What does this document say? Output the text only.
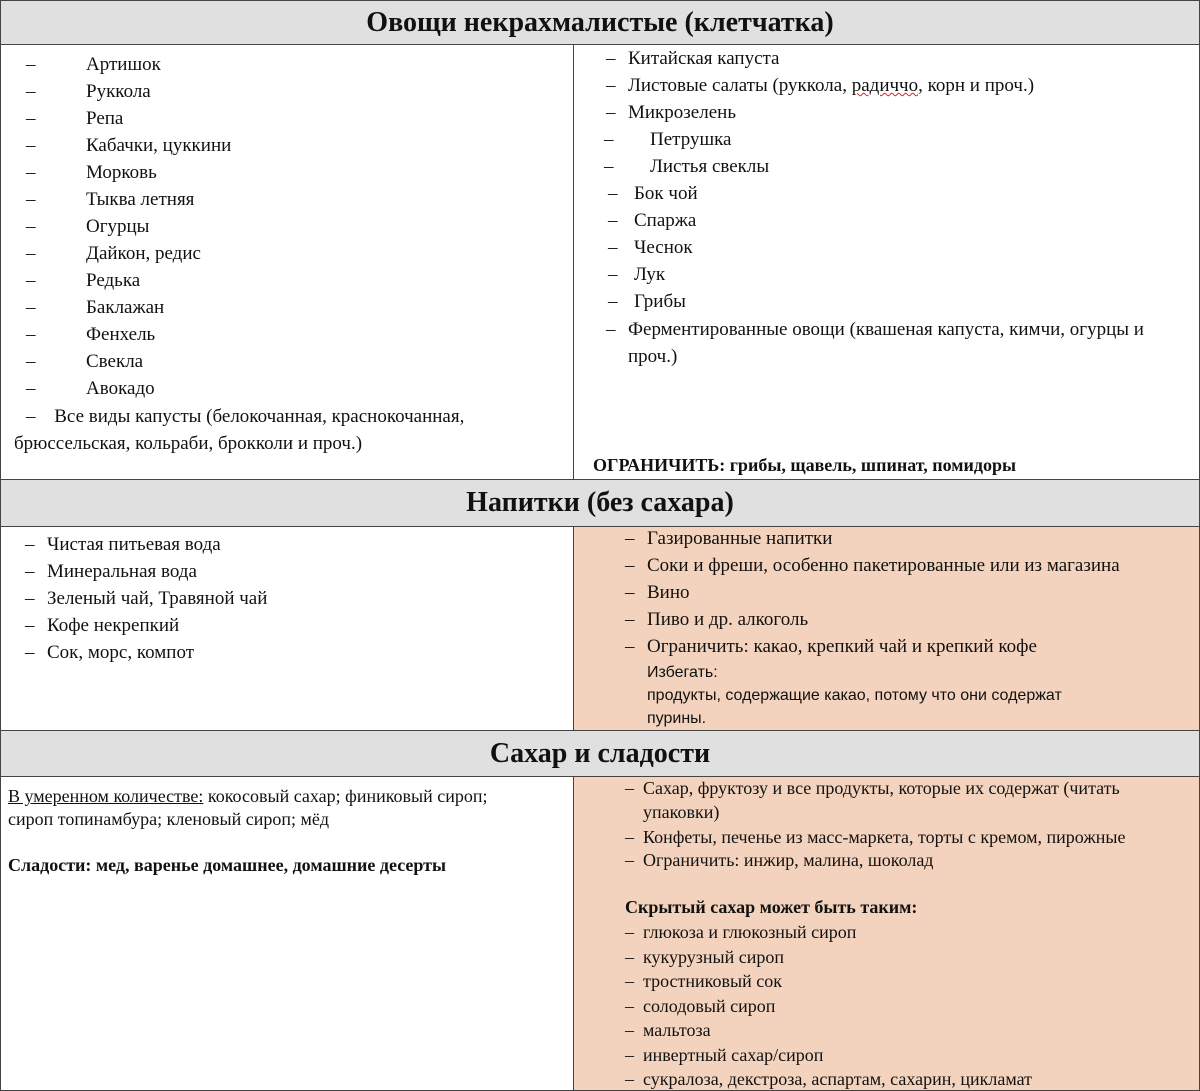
Овощи некрахмалистые (клетчатка)
–	Артишок
–	Руккола
–	Репа
–	Кабачки, цуккини
–	Морковь
–	Тыква летняя
–	Огурцы
–	Дайкон, редис
–	Редька
–	Баклажан
–	Фенхель
–	Свекла
–	Авокадо
– Все виды капусты (белокочанная, краснокочанная,
брюссельская, кольраби, брокколи и проч.)
– Китайская капуста
– Листовые салаты (руккола, радиччо, корн и проч.)
– Микрозелень
– Петрушка
– Листья свеклы
– Бок чой
– Спаржа
– Чеснок
– Лук
– Грибы
– Ферментированные овощи (квашеная капуста, кимчи, огурцы и
проч.)
ОГРАНИЧИТЬ: грибы, щавель, шпинат, помидоры
Напитки (без сахара)
– Чистая питьевая вода
– Минеральная вода
– Зеленый чай, Травяной чай
– Кофе некрепкий
– Сок, морс, компот
– Газированные напитки
– Соки и фреши, особенно пакетированные или из магазина
– Вино
– Пиво и др. алкоголь
– Ограничить: какао, крепкий чай и крепкий кофе
Избегать:
продукты, содержащие какао, потому что они содержат
пурины.
Сахар и сладости
В умеренном количестве: кокосовый сахар; финиковый сироп;
сироп топинамбура; кленовый сироп; мёд
Сладости: мед, варенье домашнее, домашние десерты
– Сахар, фруктозу и все продукты, которые их содержат (читать
упаковки)
– Конфеты, печенье из масс-маркета, торты с кремом, пирожные
– Ограничить: инжир, малина, шоколад
Скрытый сахар может быть таким:
– глюкоза и глюкозный сироп
– кукурузный сироп
– тростниковый сок
– солодовый сироп
– мальтоза
– инвертный сахар/сироп
– сукралоза, декстроза, аспартам, сахарин, цикламат
